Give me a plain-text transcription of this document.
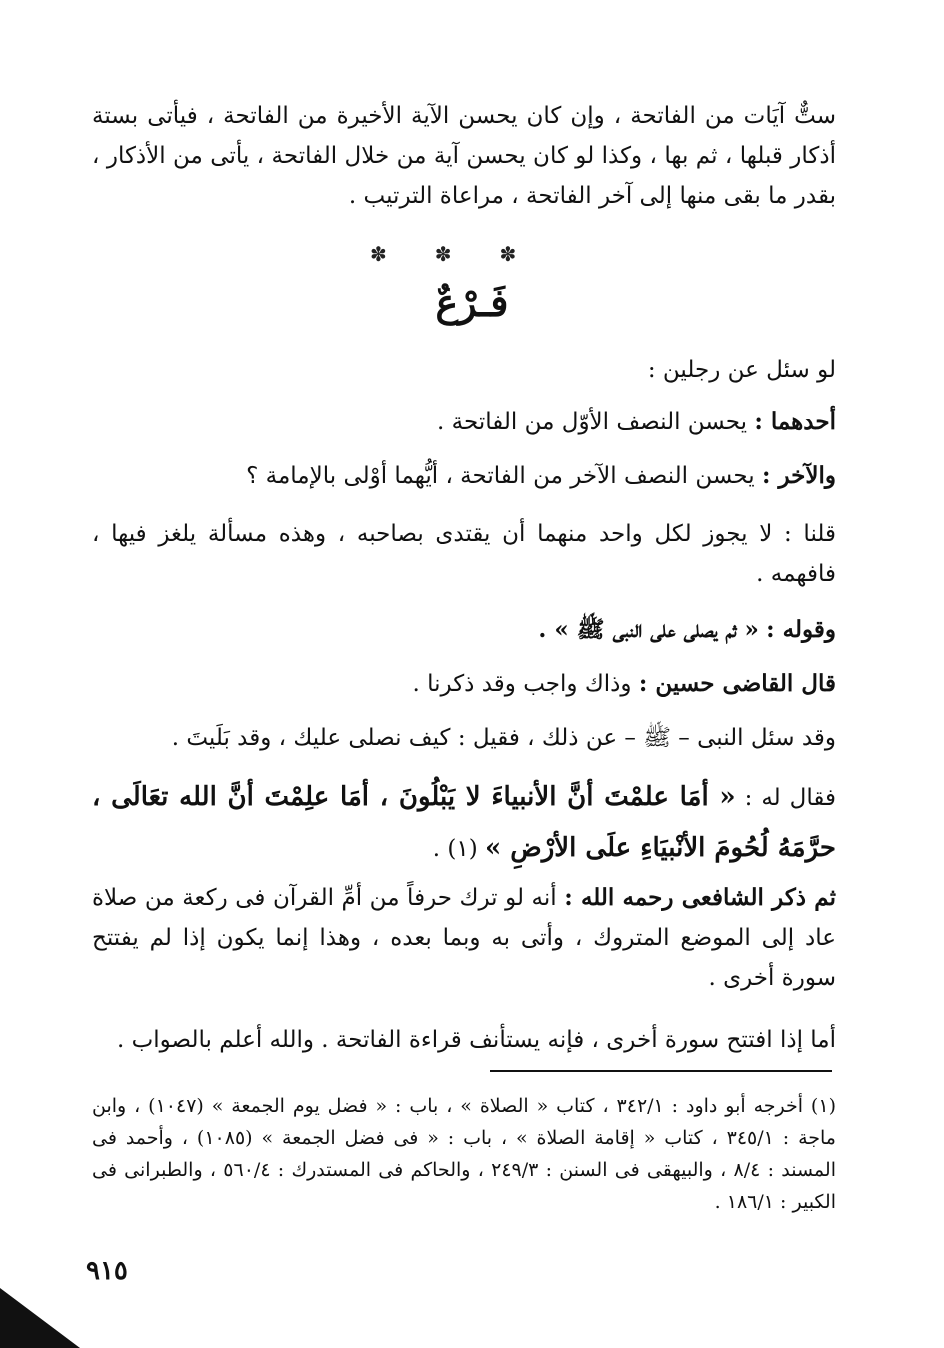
ستٌّ آيَات من الفاتحة ، وإن كان يحسن الآية الأخيرة من الفاتحة ، فيأتى بستة أذكار قبلها ، ثم بها ، وكذا لو كان يحسن آية من خلال الفاتحة ، يأتى من الأذكار ، بقدر ما بقى منها إلى آخر الفاتحة ، مراعاة الترتيب .
✽✽✽
فَـرْعٌ
لو سئل عن رجلين :
أحدهما : يحسن النصف الأوّل من الفاتحة .
والآخر : يحسن النصف الآخر من الفاتحة ، أيُّهما أوْلى بالإمامة ؟
قلنا : لا يجوز لكل واحد منهما أن يقتدى بصاحبه ، وهذه مسألة يلغز فيها ، فافهمه .
وقوله : « ثم يصلى على النبى ﷺ » .
قال القاضى حسين : وذاك واجب وقد ذكرنا .
وقد سئل النبى – ﷺ – عن ذلك ، فقيل : كيف نصلى عليك ، وقد بَلَيتَ .
فقال له : « أمَا علمْتَ أنَّ الأنبياءَ لا يَبْلُونَ ، أمَا علِمْتَ أنَّ الله تعَالَى ، حرَّمَهُ لُحُومَ الأنْبيَاءِ علَى الأرْضِ » (١) .
ثم ذكر الشافعى رحمه الله : أنه لو ترك حرفاً من أمِّ القرآن فى ركعة من صلاة عاد إلى الموضع المتروك ، وأتى به وبما بعده ، وهذا إنما يكون إذا لم يفتتح سورة أخرى .
أما إذا افتتح سورة أخرى ، فإنه يستأنف قراءة الفاتحة . والله أعلم بالصواب .
(١) أخرجه أبو داود : ٣٤٢/١ ، كتاب « الصلاة » ، باب : « فضل يوم الجمعة » (١٠٤٧) ، وابن ماجة : ٣٤٥/١ ، كتاب « إقامة الصلاة » ، باب : « فى فضل الجمعة » (١٠٨٥) ، وأحمد فى المسند : ٨/٤ ، والبيهقى فى السنن : ٢٤٩/٣ ، والحاكم فى المستدرك : ٥٦٠/٤ ، والطبرانى فى الكبير : ١٨٦/١ .
٩١٥
